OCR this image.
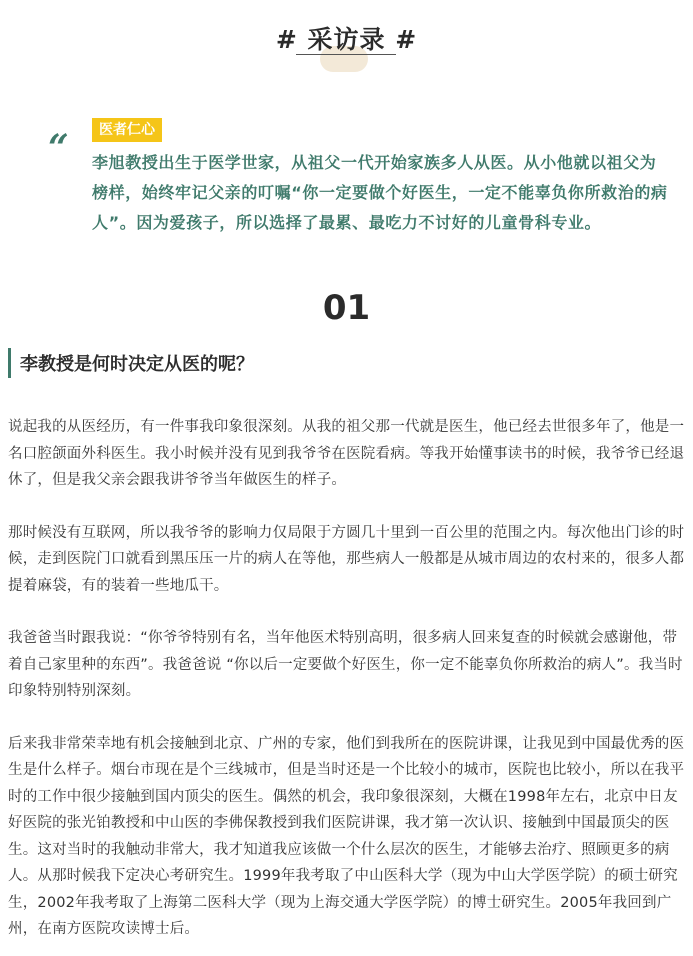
# 采访录 #
“	医者仁心
李旭教授出生于医学世家，从祖父一代开始家族多人从医。从小他就以祖父为榜样，始终牢记父亲的叮嘱“你一定要做个好医生，一定不能辜负你所救治的病人”。因为爱孩子，所以选择了最累、最吃力不讨好的儿童骨科专业。
01
李教授是何时决定从医的呢？

说起我的从医经历，有一件事我印象很深刻。从我的祖父那一代就是医生，他已经去世很多年了，他是一名口腔颌面外科医生。我小时候并没有见到我爷爷在医院看病。等我开始懂事读书的时候，我爷爷已经退休了，但是我父亲会跟我讲爷爷当年做医生的样子。

那时候没有互联网，所以我爷爷的影响力仅局限于方圆几十里到一百公里的范围之内。每次他出门诊的时候，走到医院门口就看到黑压压一片的病人在等他，那些病人一般都是从城市周边的农村来的，很多人都提着麻袋，有的装着一些地瓜干。

我爸爸当时跟我说：“你爷爷特别有名，当年他医术特别高明，很多病人回来复查的时候就会感谢他，带着自己家里种的东西”。我爸爸说 “你以后一定要做个好医生，你一定不能辜负你所救治的病人”。我当时印象特别特别深刻。

后来我非常荣幸地有机会接触到北京、广州的专家，他们到我所在的医院讲课，让我见到中国最优秀的医生是什么样子。烟台市现在是个三线城市，但是当时还是一个比较小的城市，医院也比较小，所以在我平时的工作中很少接触到国内顶尖的医生。偶然的机会，我印象很深刻，大概在1998年左右，北京中日友好医院的张光铂教授和中山医的李佛保教授到我们医院讲课，我才第一次认识、接触到中国最顶尖的医生。这对当时的我触动非常大，我才知道我应该做一个什么层次的医生，才能够去治疗、照顾更多的病人。从那时候我下定决心考研究生。1999年我考取了中山医科大学（现为中山大学医学院）的硕士研究生，2002年我考取了上海第二医科大学（现为上海交通大学医学院）的博士研究生。2005年我回到广州，在南方医院攻读博士后。
